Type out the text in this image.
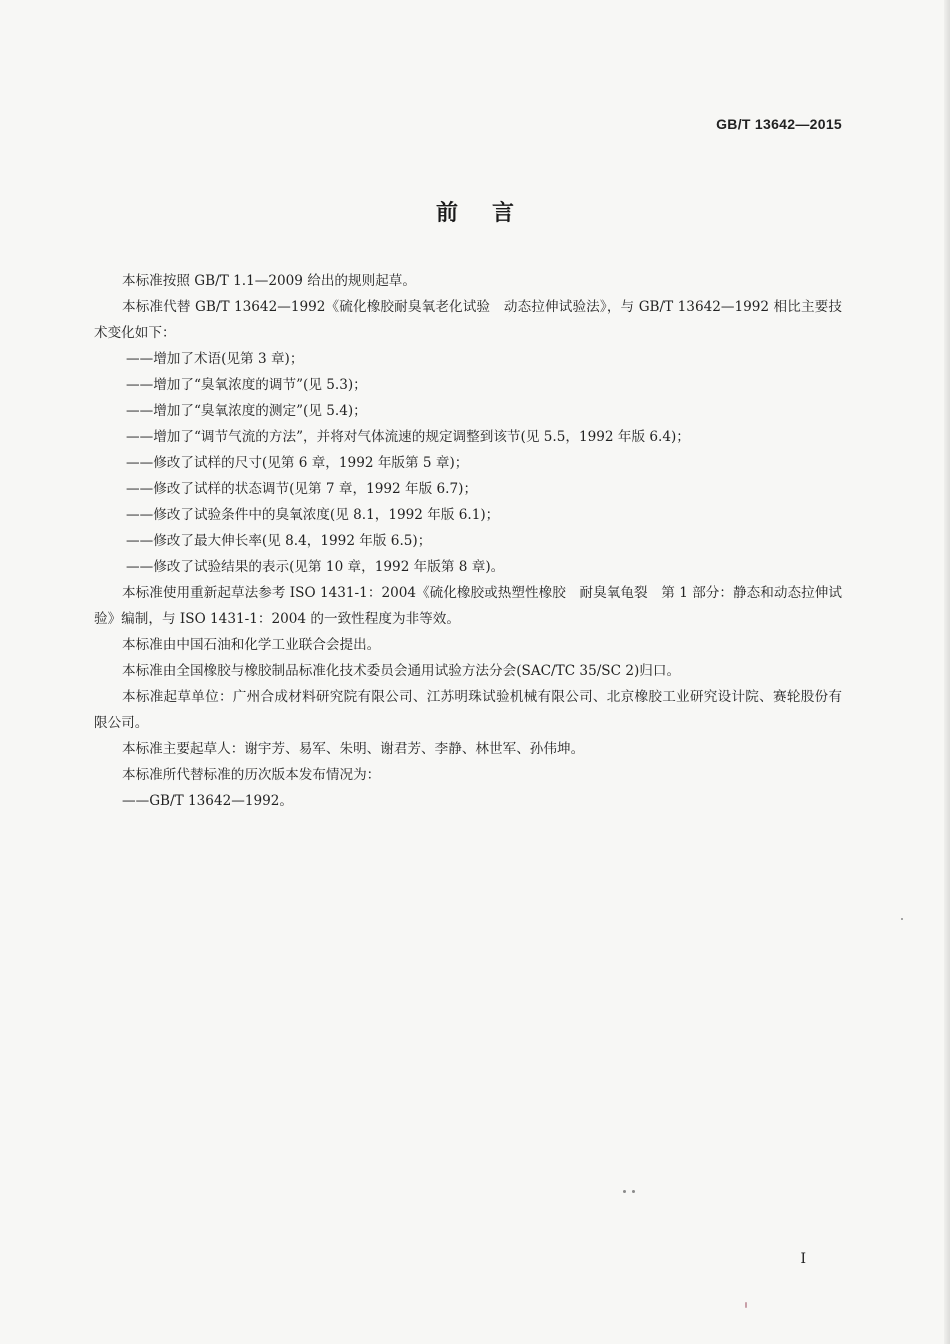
GB/T 13642—2015
前言

本标准按照 GB/T 1.1—2009 给出的规则起草。

本标准代替 GB/T 13642—1992《硫化橡胶耐臭氧老化试验　动态拉伸试验法》，与 GB/T 13642—1992 相比主要技术变化如下：

——增加了术语(见第 3 章)；

——增加了“臭氧浓度的调节”(见 5.3)；

——增加了“臭氧浓度的测定”(见 5.4)；

——增加了“调节气流的方法”，并将对气体流速的规定调整到该节(见 5.5，1992 年版 6.4)；

——修改了试样的尺寸(见第 6 章，1992 年版第 5 章)；

——修改了试样的状态调节(见第 7 章，1992 年版 6.7)；

——修改了试验条件中的臭氧浓度(见 8.1，1992 年版 6.1)；

——修改了最大伸长率(见 8.4，1992 年版 6.5)；

——修改了试验结果的表示(见第 10 章，1992 年版第 8 章)。

本标准使用重新起草法参考 ISO 1431-1：2004《硫化橡胶或热塑性橡胶　耐臭氧龟裂　第 1 部分：静态和动态拉伸试验》编制，与 ISO 1431-1：2004 的一致性程度为非等效。

本标准由中国石油和化学工业联合会提出。

本标准由全国橡胶与橡胶制品标准化技术委员会通用试验方法分会(SAC/TC 35/SC 2)归口。

本标准起草单位：广州合成材料研究院有限公司、江苏明珠试验机械有限公司、北京橡胶工业研究设计院、赛轮股份有限公司。

本标准主要起草人：谢宇芳、易军、朱明、谢君芳、李静、林世军、孙伟坤。

本标准所代替标准的历次版本发布情况为：

——GB/T 13642—1992。

I
